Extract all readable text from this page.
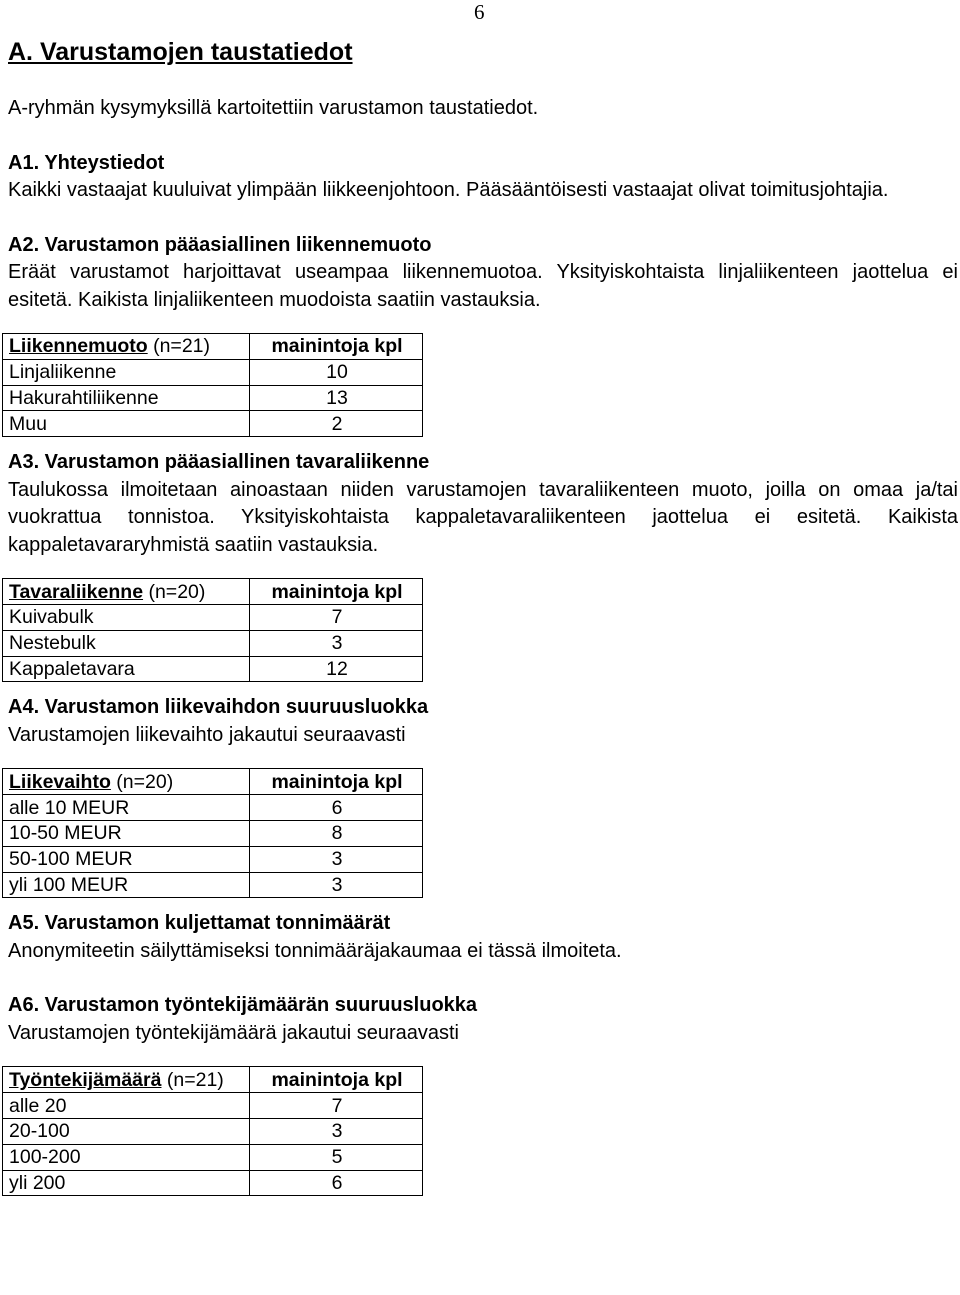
6
A. Varustamojen taustatiedot

A-ryhmän kysymyksillä kartoitettiin varustamon taustatiedot.

A1. Yhteystiedot

Kaikki vastaajat kuuluivat ylimpään liikkeenjohtoon. Pääsääntöisesti vastaajat olivat toimitusjohtajia.

A2. Varustamon pääasiallinen liikennemuoto

Eräät varustamot harjoittavat useampaa liikennemuotoa. Yksityiskohtaista linjaliikenteen jaottelua ei esitetä. Kaikista linjaliikenteen muodoista saatiin vastauksia.

Liikennemuoto (n=21)	mainintoja kpl
Linjaliikenne	10
Hakurahtiliikenne	13
Muu	2

A3. Varustamon pääasiallinen tavaraliikenne

Taulukossa ilmoitetaan ainoastaan niiden varustamojen tavaraliikenteen muoto, joilla on omaa ja/tai vuokrattua tonnistoa. Yksityiskohtaista kappaletavaraliikenteen jaottelua ei esitetä. Kaikista kappaletavararyhmistä saatiin vastauksia.

Tavaraliikenne (n=20)	mainintoja kpl
Kuivabulk	7
Nestebulk	3
Kappaletavara	12

A4. Varustamon liikevaihdon suuruusluokka

Varustamojen liikevaihto jakautui seuraavasti

Liikevaihto (n=20)	mainintoja kpl
alle 10 MEUR	6
10-50 MEUR	8
50-100 MEUR	3
yli 100 MEUR	3

A5. Varustamon kuljettamat tonnimäärät

Anonymiteetin säilyttämiseksi tonnimääräjakaumaa ei tässä ilmoiteta.

A6. Varustamon työntekijämäärän suuruusluokka

Varustamojen työntekijämäärä jakautui seuraavasti

Työntekijämäärä (n=21)	mainintoja kpl
alle 20	7
20-100	3
100-200	5
yli 200	6
